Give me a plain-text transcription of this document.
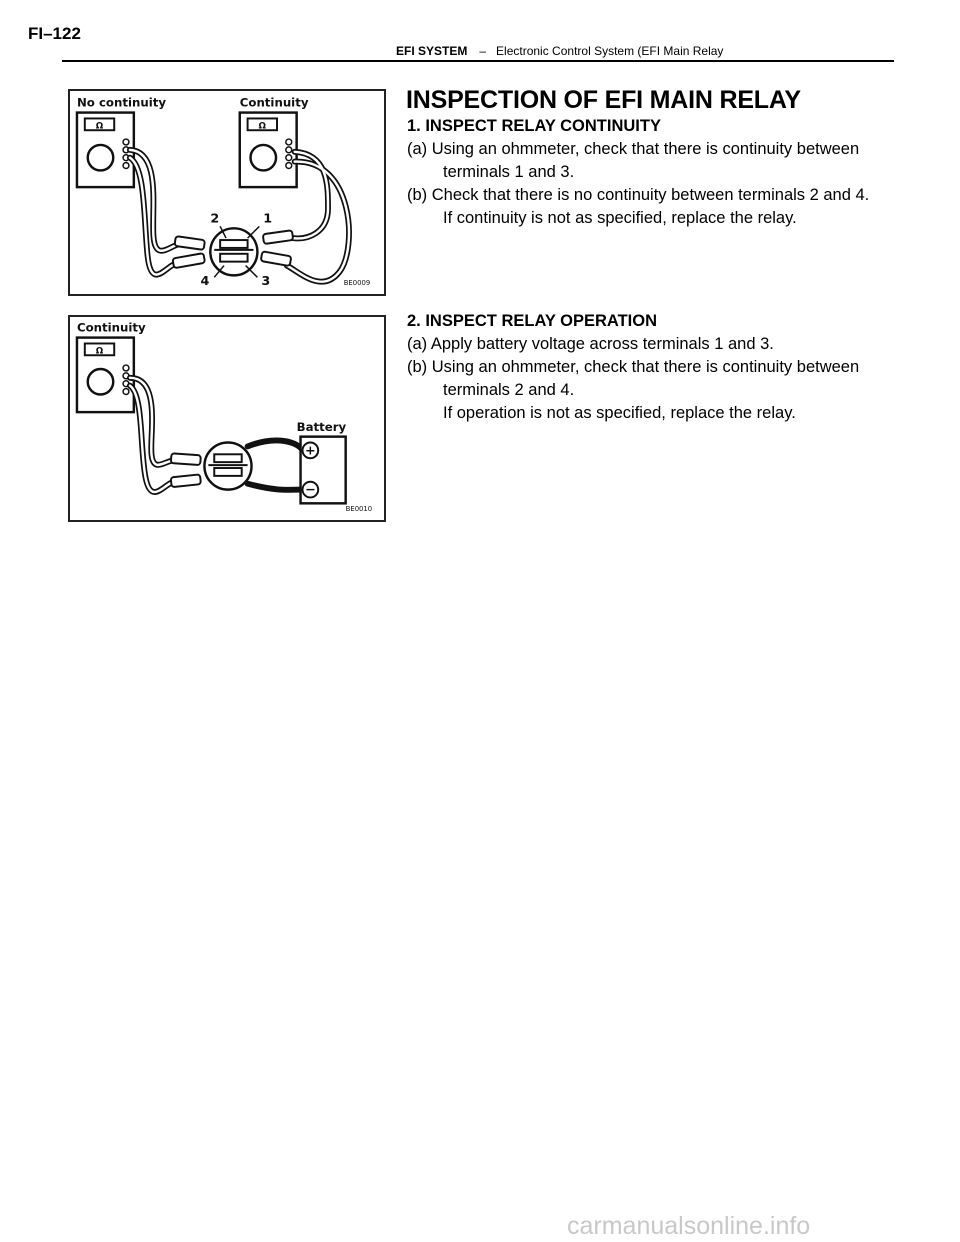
FI–122
EFI SYSTEM – Electronic Control System (EFI Main Relay
No continuity	Continuity
Ω	Ω
2	1
4	3	BE0009
Continuity
Ω
Battery
+
−
BE0010
INSPECTION OF EFI MAIN RELAY
1. INSPECT RELAY CONTINUITY
(a) Using an ohmmeter, check that there is continuity between terminals 1 and 3.
(b) Check that there is no continuity between terminals 2 and 4.
If continuity is not as specified, replace the relay.
2. INSPECT RELAY OPERATION
(a) Apply battery voltage across terminals 1 and 3.
(b) Using an ohmmeter, check that there is continuity between terminals 2 and 4.
If operation is not as specified, replace the relay.
carmanualsonline.info
